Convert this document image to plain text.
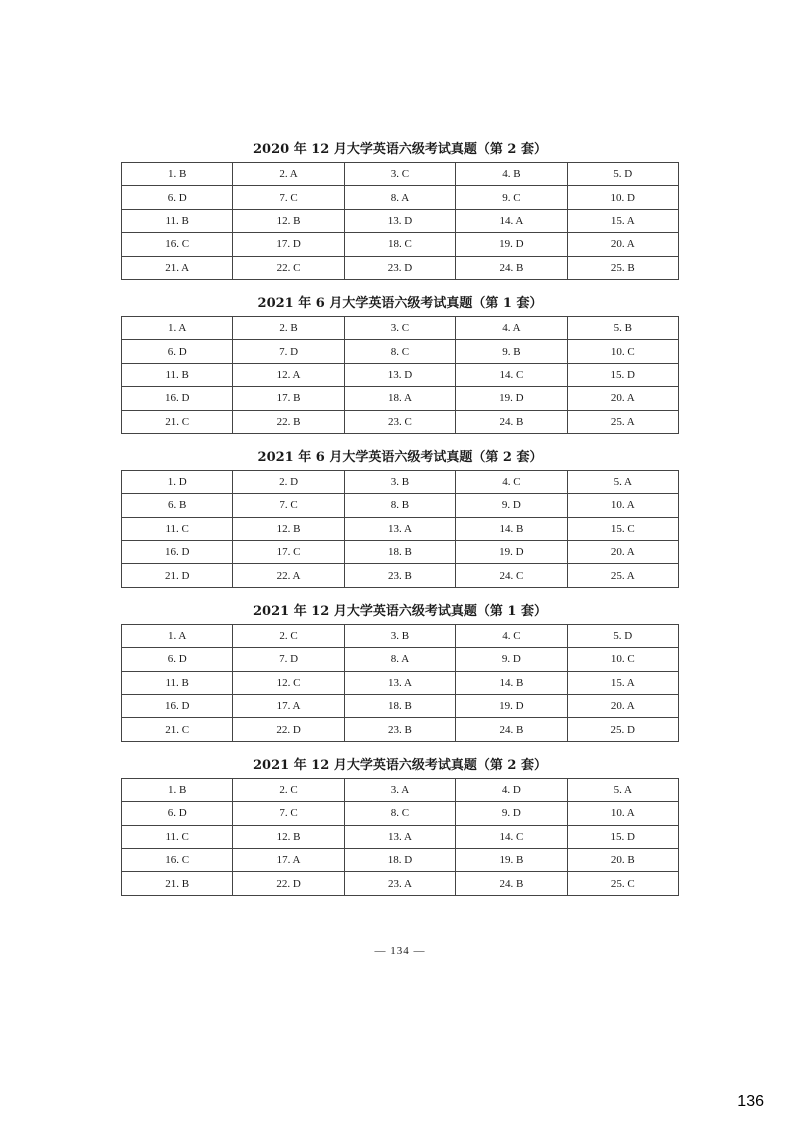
2020 年 12 月大学英语六级考试真题（第 2 套）
1. B	2. A	3. C	4. B	5. D
6. D	7. C	8. A	9. C	10. D
11. B	12. B	13. D	14. A	15. A
16. C	17. D	18. C	19. D	20. A
21. A	22. C	23. D	24. B	25. B
2021 年 6 月大学英语六级考试真题（第 1 套）
1. A	2. B	3. C	4. A	5. B
6. D	7. D	8. C	9. B	10. C
11. B	12. A	13. D	14. C	15. D
16. D	17. B	18. A	19. D	20. A
21. C	22. B	23. C	24. B	25. A
2021 年 6 月大学英语六级考试真题（第 2 套）
1. D	2. D	3. B	4. C	5. A
6. B	7. C	8. B	9. D	10. A
11. C	12. B	13. A	14. B	15. C
16. D	17. C	18. B	19. D	20. A
21. D	22. A	23. B	24. C	25. A
2021 年 12 月大学英语六级考试真题（第 1 套）
1. A	2. C	3. B	4. C	5. D
6. D	7. D	8. A	9. D	10. C
11. B	12. C	13. A	14. B	15. A
16. D	17. A	18. B	19. D	20. A
21. C	22. D	23. B	24. B	25. D
2021 年 12 月大学英语六级考试真题（第 2 套）
1. B	2. C	3. A	4. D	5. A
6. D	7. C	8. C	9. D	10. A
11. C	12. B	13. A	14. C	15. D
16. C	17. A	18. D	19. B	20. B
21. B	22. D	23. A	24. B	25. C
— 134 —
136
